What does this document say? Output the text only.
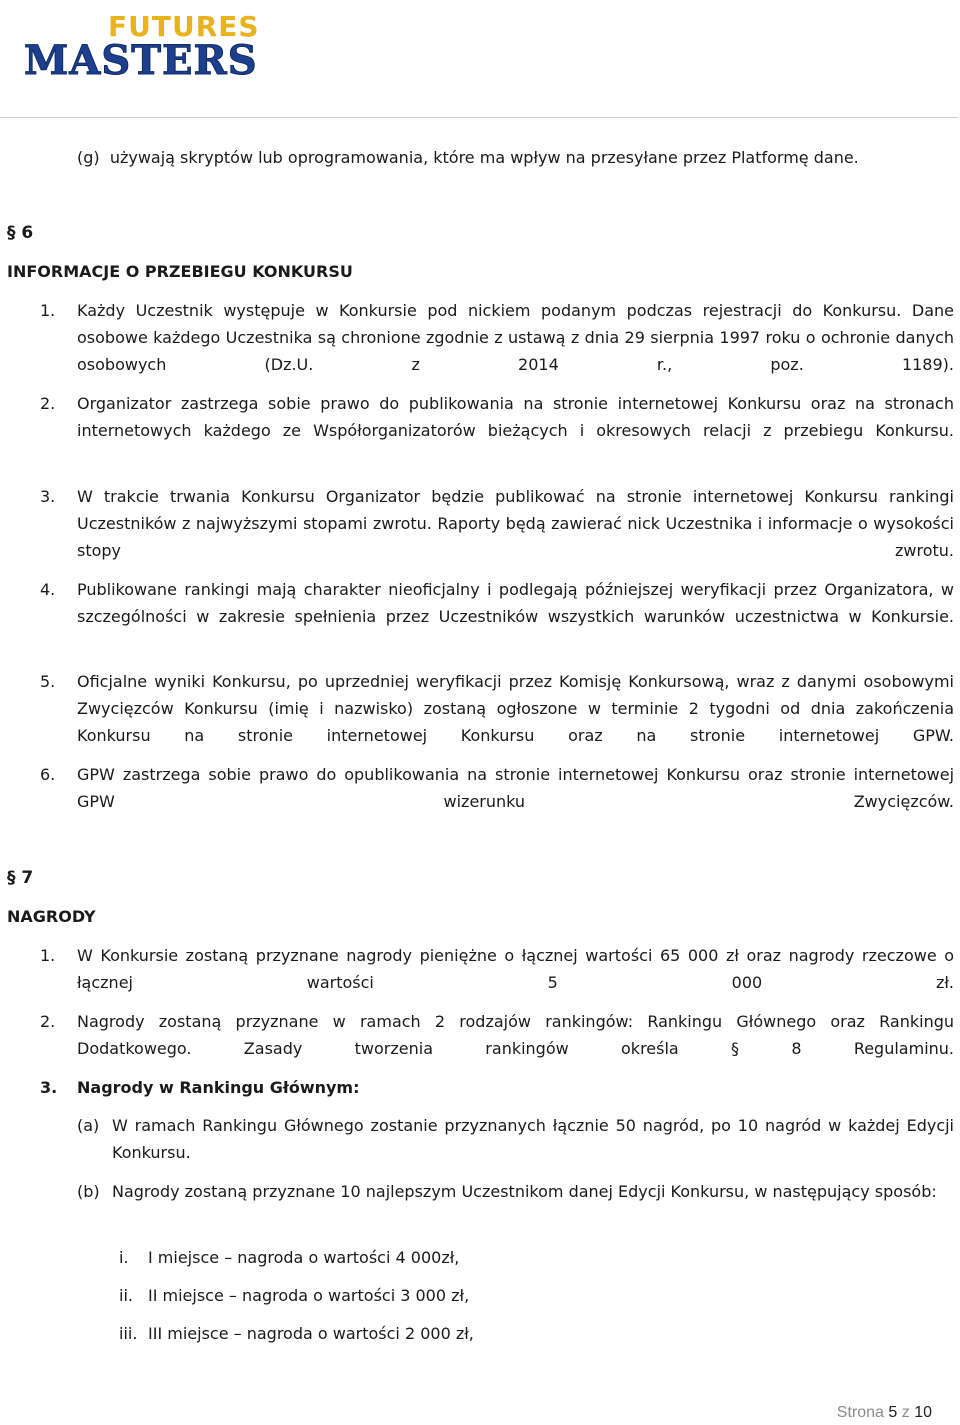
FUTURES
MASTERS
(g) używają skryptów lub oprogramowania, które ma wpływ na przesyłane przez Platformę dane.
§ 6
INFORMACJE O PRZEBIEGU KONKURSU
1. Każdy Uczestnik występuje w Konkursie pod nickiem podanym podczas rejestracji do Konkursu. Dane osobowe każdego Uczestnika są chronione zgodnie z ustawą z dnia 29 sierpnia 1997 roku o ochronie danych osobowych (Dz.U. z 2014 r., poz. 1189).
2. Organizator zastrzega sobie prawo do publikowania na stronie internetowej Konkursu oraz na stronach internetowych każdego ze Współorganizatorów bieżących i okresowych relacji z przebiegu Konkursu.
3. W trakcie trwania Konkursu Organizator będzie publikować na stronie internetowej Konkursu rankingi Uczestników z najwyższymi stopami zwrotu. Raporty będą zawierać nick Uczestnika i informacje o wysokości stopy zwrotu.
4. Publikowane rankingi mają charakter nieoficjalny i podlegają późniejszej weryfikacji przez Organizatora, w szczególności w zakresie spełnienia przez Uczestników wszystkich warunków uczestnictwa w Konkursie.
5. Oficjalne wyniki Konkursu, po uprzedniej weryfikacji przez Komisję Konkursową, wraz z danymi osobowymi Zwycięzców Konkursu (imię i nazwisko) zostaną ogłoszone w terminie 2 tygodni od dnia zakończenia Konkursu na stronie internetowej Konkursu oraz na stronie internetowej GPW.
6. GPW zastrzega sobie prawo do opublikowania na stronie internetowej Konkursu oraz stronie internetowej GPW wizerunku Zwycięzców.
§ 7
NAGRODY
1. W Konkursie zostaną przyznane nagrody pieniężne o łącznej wartości 65 000 zł oraz nagrody rzeczowe o łącznej wartości 5 000 zł.
2. Nagrody zostaną przyznane w ramach 2 rodzajów rankingów: Rankingu Głównego oraz Rankingu Dodatkowego. Zasady tworzenia rankingów określa § 8 Regulaminu.
3. Nagrody w Rankingu Głównym:
(a) W ramach Rankingu Głównego zostanie przyznanych łącznie 50 nagród, po 10 nagród w każdej Edycji Konkursu.
(b) Nagrody zostaną przyznane 10 najlepszym Uczestnikom danej Edycji Konkursu, w następujący sposób:
i. I miejsce – nagroda o wartości 4 000zł,
ii. II miejsce – nagroda o wartości 3 000 zł,
iii. III miejsce – nagroda o wartości 2 000 zł,
Strona 5 z 10
